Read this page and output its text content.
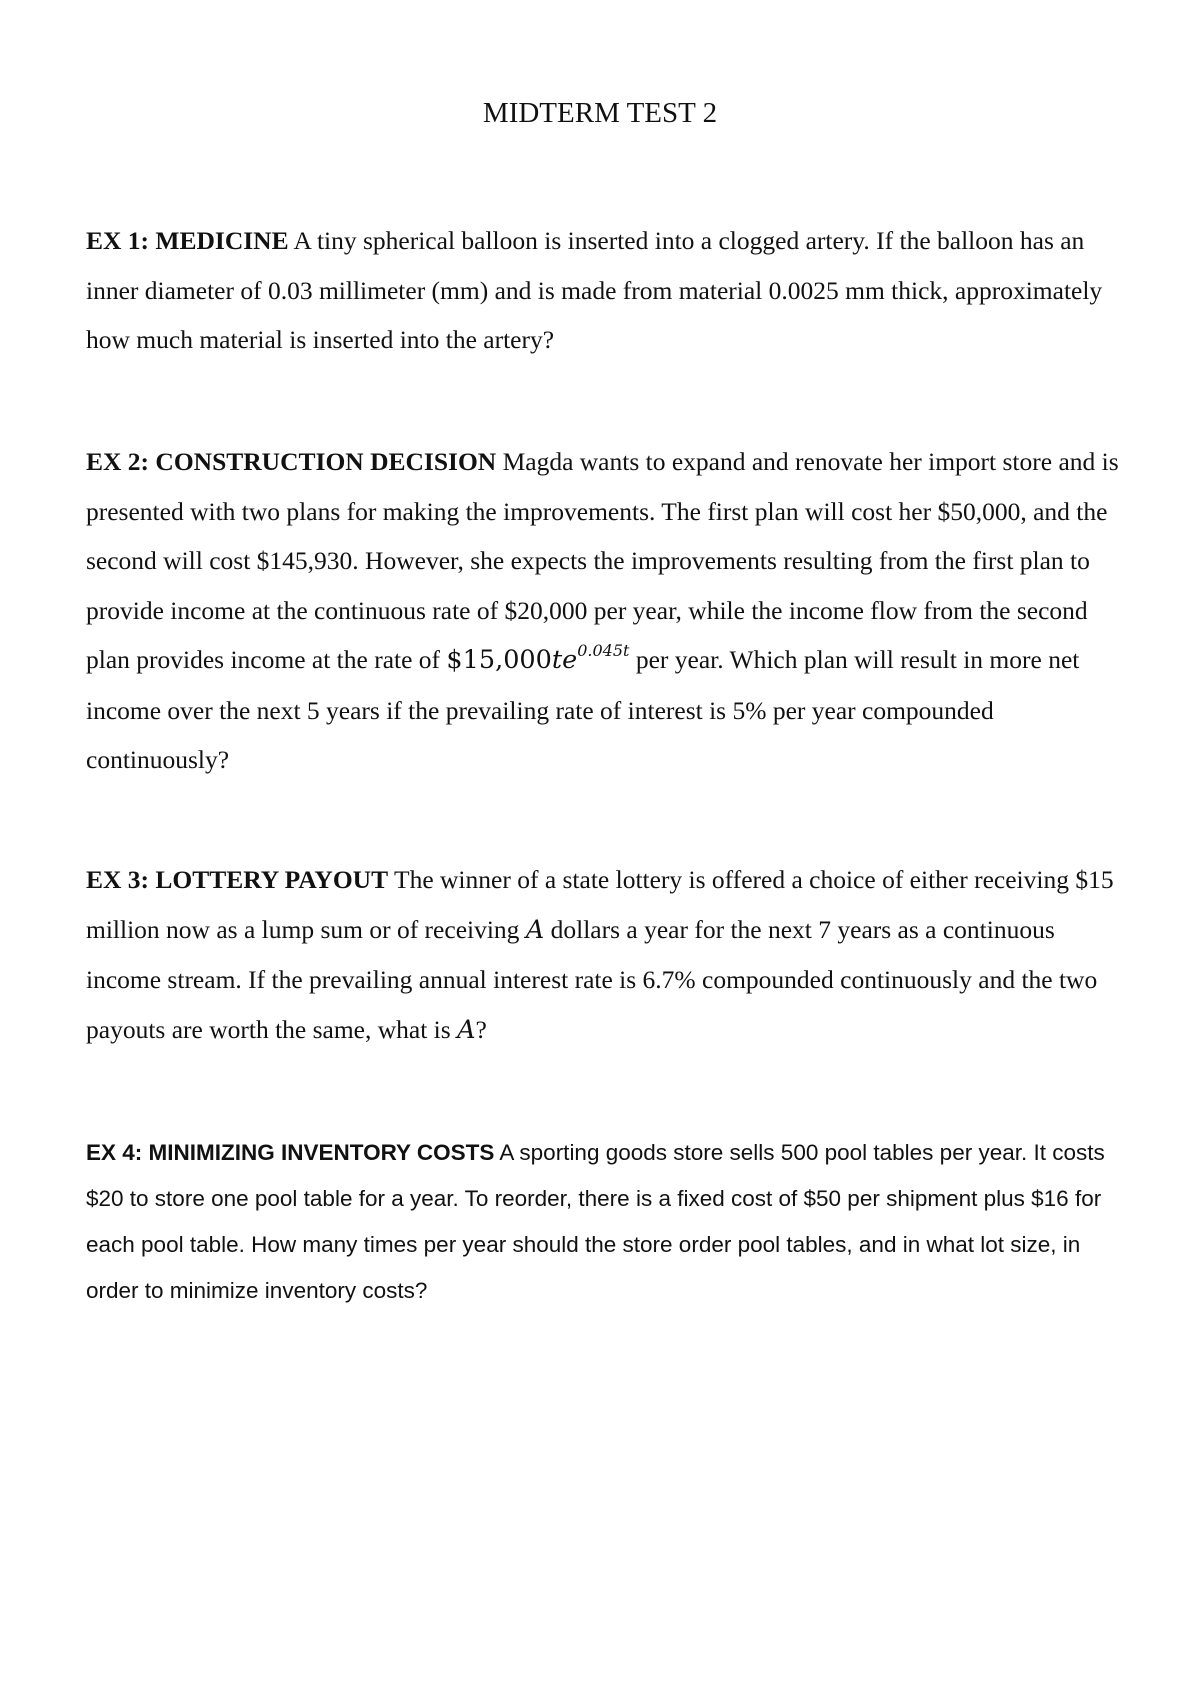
MIDTERM TEST 2

EX 1: MEDICINE A tiny spherical balloon is inserted into a clogged artery. If the balloon has an inner diameter of 0.03 millimeter (mm) and is made from material 0.0025 mm thick, approximately how much material is inserted into the artery?

EX 2: CONSTRUCTION DECISION Magda wants to expand and renovate her import store and is presented with two plans for making the improvements. The first plan will cost her $50,000, and the second will cost $145,930. However, she expects the improvements resulting from the first plan to provide income at the continuous rate of $20,000 per year, while the income flow from the second plan provides income at the rate of $\$15,000te^{0.045t}$ per year. Which plan will result in more net income over the next 5 years if the prevailing rate of interest is 5% per year compounded continuously?

EX 3: LOTTERY PAYOUT The winner of a state lottery is offered a choice of either receiving $15 million now as a lump sum or of receiving A dollars a year for the next 7 years as a continuous income stream. If the prevailing annual interest rate is 6.7% compounded continuously and the two payouts are worth the same, what is A?

EX 4: MINIMIZING INVENTORY COSTS A sporting goods store sells 500 pool tables per year. It costs $20 to store one pool table for a year. To reorder, there is a fixed cost of $50 per shipment plus $16 for each pool table. How many times per year should the store order pool tables, and in what lot size, in order to minimize inventory costs?
